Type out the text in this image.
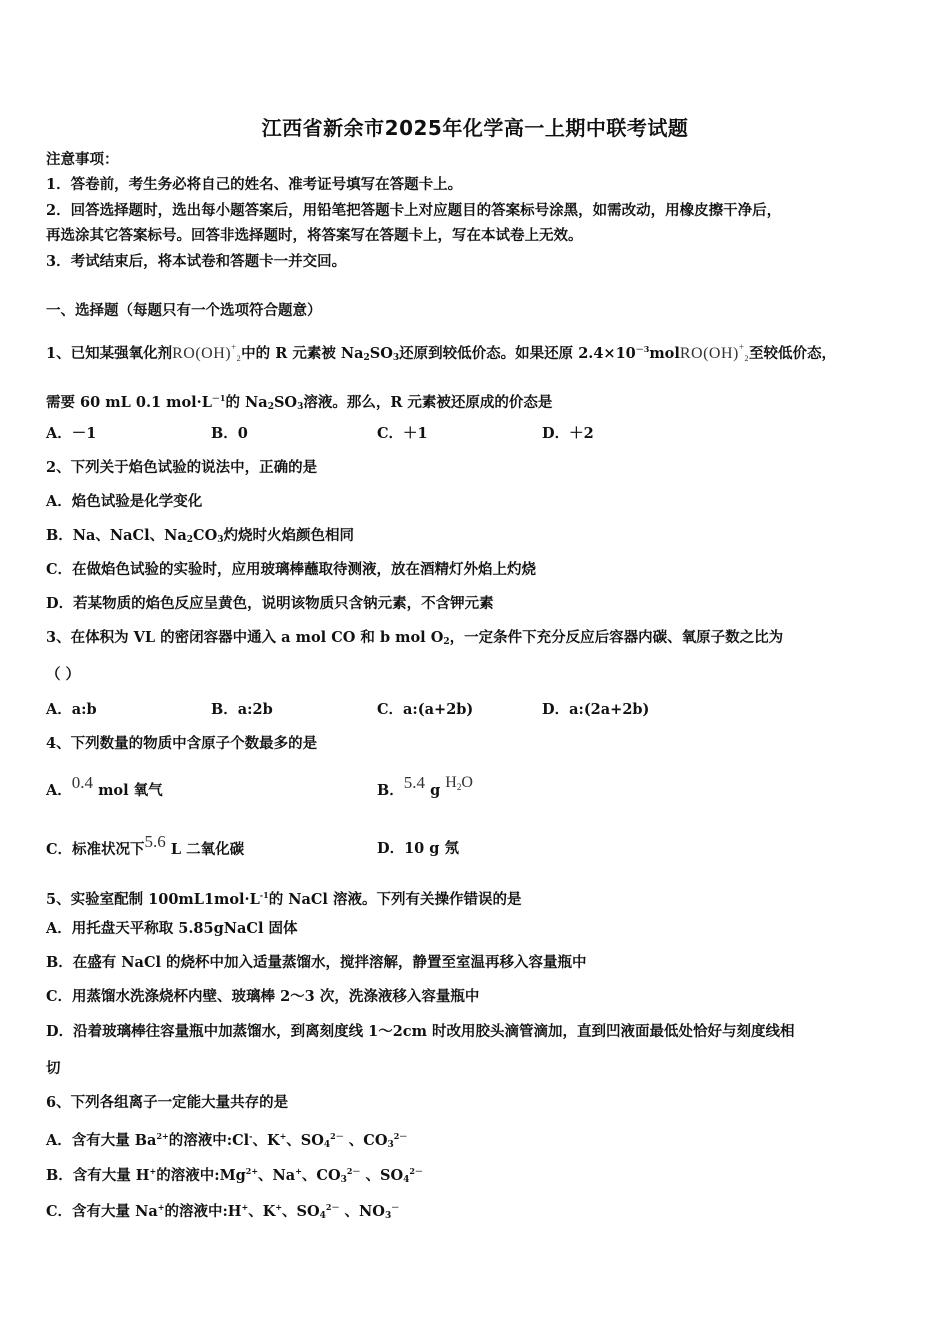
江西省新余市2025年化学高一上期中联考试题
注意事项：
1．答卷前，考生务必将自己的姓名、准考证号填写在答题卡上。
2．回答选择题时，选出每小题答案后，用铅笔把答题卡上对应题目的答案标号涂黑，如需改动，用橡皮擦干净后，
再选涂其它答案标号。回答非选择题时，将答案写在答题卡上，写在本试卷上无效。
3．考试结束后，将本试卷和答题卡一并交回。
一、选择题（每题只有一个选项符合题意）
1、已知某强氧化剂RO(OH)+2中的 R 元素被 $Na_2SO_3$还原到较低价态。如果还原 $2.4\times 10^{-3}molRO(OH)^+2$至较低价态，
需要 60 mL 0.1 $mol\cdot L^{-1}$的 $Na_2SO_3$溶液。那么，R 元素被还原成的价态是
A．－1	B．0	C．＋1	D．＋2
2、下列关于焰色试验的说法中，正确的是
A．焰色试验是化学变化
B．Na、NaCl、$Na_2CO_3$灼烧时火焰颜色相同
C．在做焰色试验的实验时，应用玻璃棒蘸取待测液，放在酒精灯外焰上灼烧
D．若某物质的焰色反应呈黄色，说明该物质只含钠元素，不含钾元素
3、在体积为 VL 的密闭容器中通入 a mol CO 和 b mol $O_2$，一定条件下充分反应后容器内碳、氧原子数之比为
（ ）
A．a:b	B．a:2b	C．a:(a+2b)	D．a:(2a+2b)
4、下列数量的物质中含原子个数最多的是
A．0.4 mol 氧气	B．5.4 g H2O
C．标准状况下5.6 L 二氧化碳	D．10 g 氖
5、实验室配制 $100mL1mol\cdot L^{-1}$的 NaCl 溶液。下列有关操作错误的是
A．用托盘天平称取 5.85gNaCl 固体
B．在盛有 NaCl 的烧杯中加入适量蒸馏水，搅拌溶解，静置至室温再移入容量瓶中
C．用蒸馏水洗涤烧杯内壁、玻璃棒 2～3 次，洗涤液移入容量瓶中
D．沿着玻璃棒往容量瓶中加蒸馏水，到离刻度线 1～2cm 时改用胶头滴管滴加，直到凹液面最低处恰好与刻度线相
切
6、下列各组离子一定能大量共存的是
A．含有大量 $Ba^{2+}$的溶液中:Cl-、K+、$SO_4^{2-}$ 、$CO_3^{2-}$
B．含有大量 H+的溶液中$:Mg^{2+}$、Na+、$CO_3^{2-}$ 、$SO_4^{2-}$
C．含有大量 Na+的溶液中:H+、K+、$SO_4^{2-}$ 、$NO_3^-$
